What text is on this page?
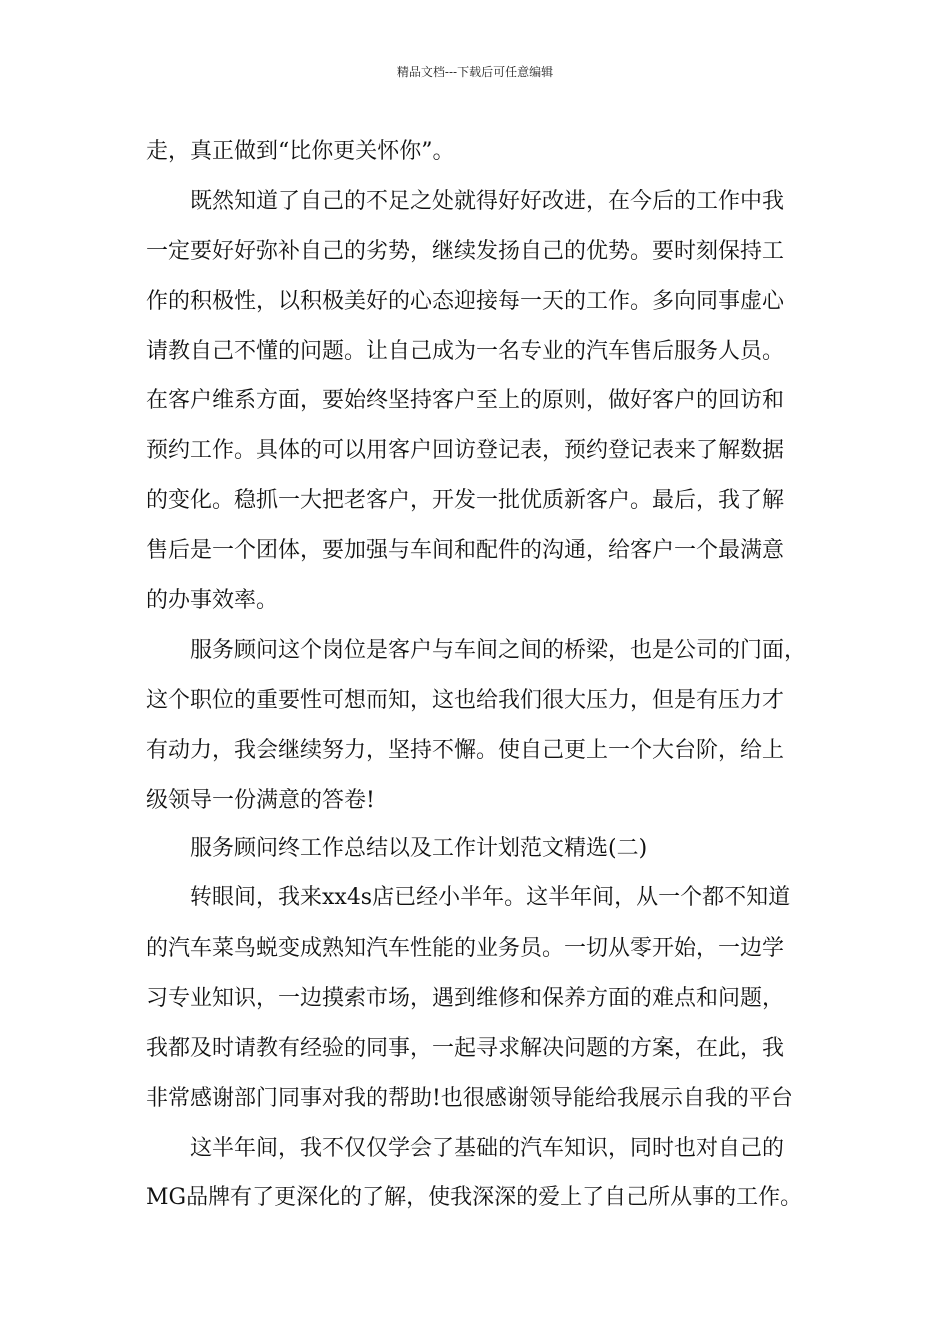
精品文档---下载后可任意编辑
走，真正做到“比你更关怀你”。
既然知道了自己的不足之处就得好好改进，在今后的工作中我
一定要好好弥补自己的劣势，继续发扬自己的优势。要时刻保持工
作的积极性，以积极美好的心态迎接每一天的工作。多向同事虚心
请教自己不懂的问题。让自己成为一名专业的汽车售后服务人员。
在客户维系方面，要始终坚持客户至上的原则，做好客户的回访和
预约工作。具体的可以用客户回访登记表，预约登记表来了解数据
的变化。稳抓一大把老客户，开发一批优质新客户。最后，我了解
售后是一个团体，要加强与车间和配件的沟通，给客户一个最满意
的办事效率。
服务顾问这个岗位是客户与车间之间的桥梁，也是公司的门面，
这个职位的重要性可想而知，这也给我们很大压力，但是有压力才
有动力，我会继续努力，坚持不懈。使自己更上一个大台阶，给上
级领导一份满意的答卷!
服务顾问终工作总结以及工作计划范文精选(二)
转眼间，我来xx4s店已经小半年。这半年间，从一个都不知道
的汽车菜鸟蜕变成熟知汽车性能的业务员。一切从零开始，一边学
习专业知识，一边摸索市场，遇到维修和保养方面的难点和问题，
我都及时请教有经验的同事，一起寻求解决问题的方案，在此，我
非常感谢部门同事对我的帮助!也很感谢领导能给我展示自我的平台
这半年间，我不仅仅学会了基础的汽车知识，同时也对自己的
MG品牌有了更深化的了解，使我深深的爱上了自己所从事的工作。
